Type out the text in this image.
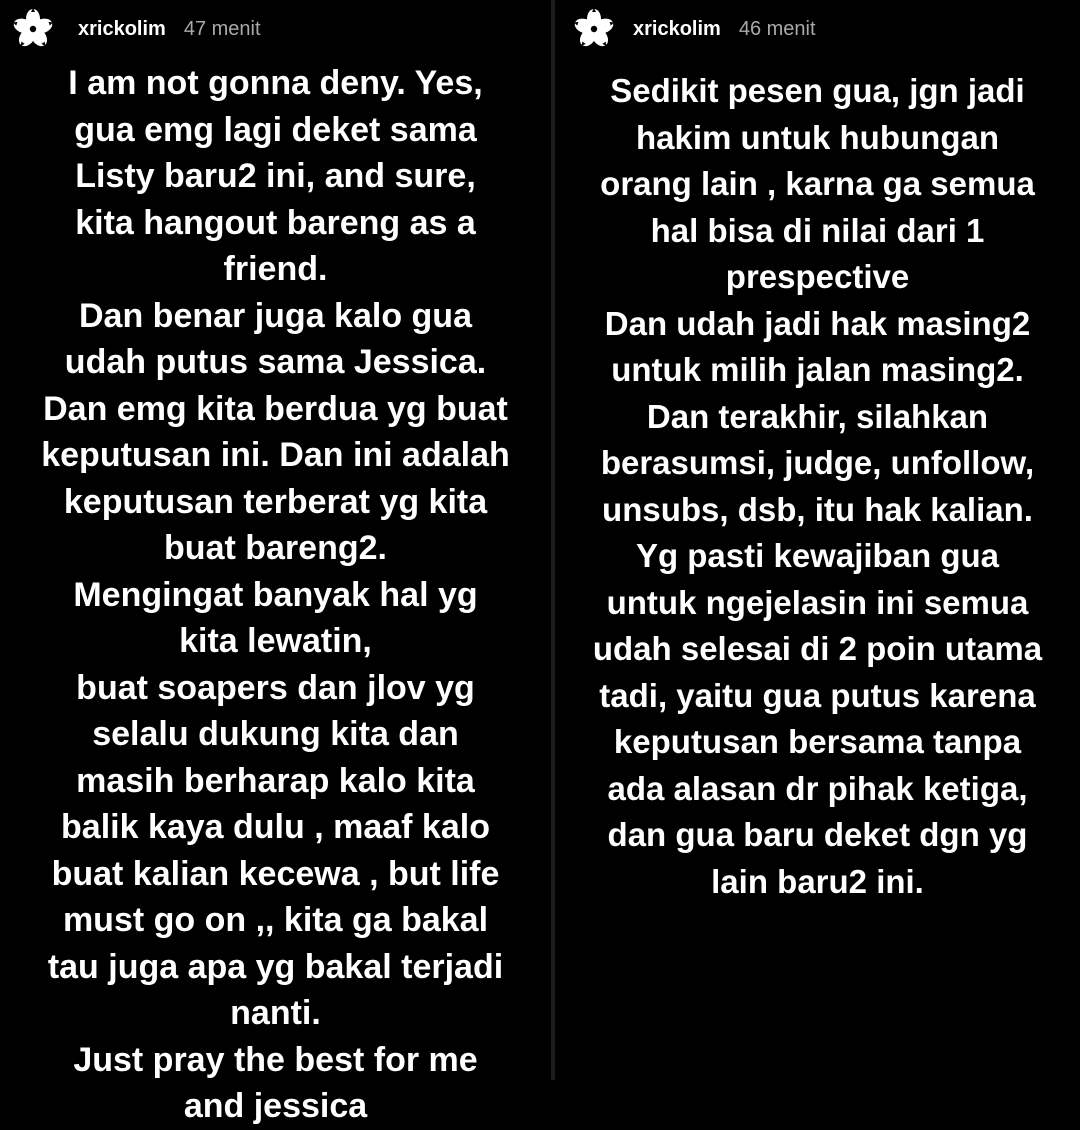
xrickolim 47 menit
I am not gonna deny. Yes,
gua emg lagi deket sama
Listy baru2 ini, and sure,
kita hangout bareng as a
friend.
Dan benar juga kalo gua
udah putus sama Jessica.
Dan emg kita berdua yg buat
keputusan ini. Dan ini adalah
keputusan terberat yg kita
buat bareng2.
Mengingat banyak hal yg
kita lewatin,
buat soapers dan jlov yg
selalu dukung kita dan
masih berharap kalo kita
balik kaya dulu , maaf kalo
buat kalian kecewa , but life
must go on ,, kita ga bakal
tau juga apa yg bakal terjadi
nanti.
Just pray the best for me
and jessica
xrickolim 46 menit
Sedikit pesen gua, jgn jadi
hakim untuk hubungan
orang lain , karna ga semua
hal bisa di nilai dari 1
prespective
Dan udah jadi hak masing2
untuk milih jalan masing2.
Dan terakhir, silahkan
berasumsi, judge, unfollow,
unsubs, dsb, itu hak kalian.
Yg pasti kewajiban gua
untuk ngejelasin ini semua
udah selesai di 2 poin utama
tadi, yaitu gua putus karena
keputusan bersama tanpa
ada alasan dr pihak ketiga,
dan gua baru deket dgn yg
lain baru2 ini.
